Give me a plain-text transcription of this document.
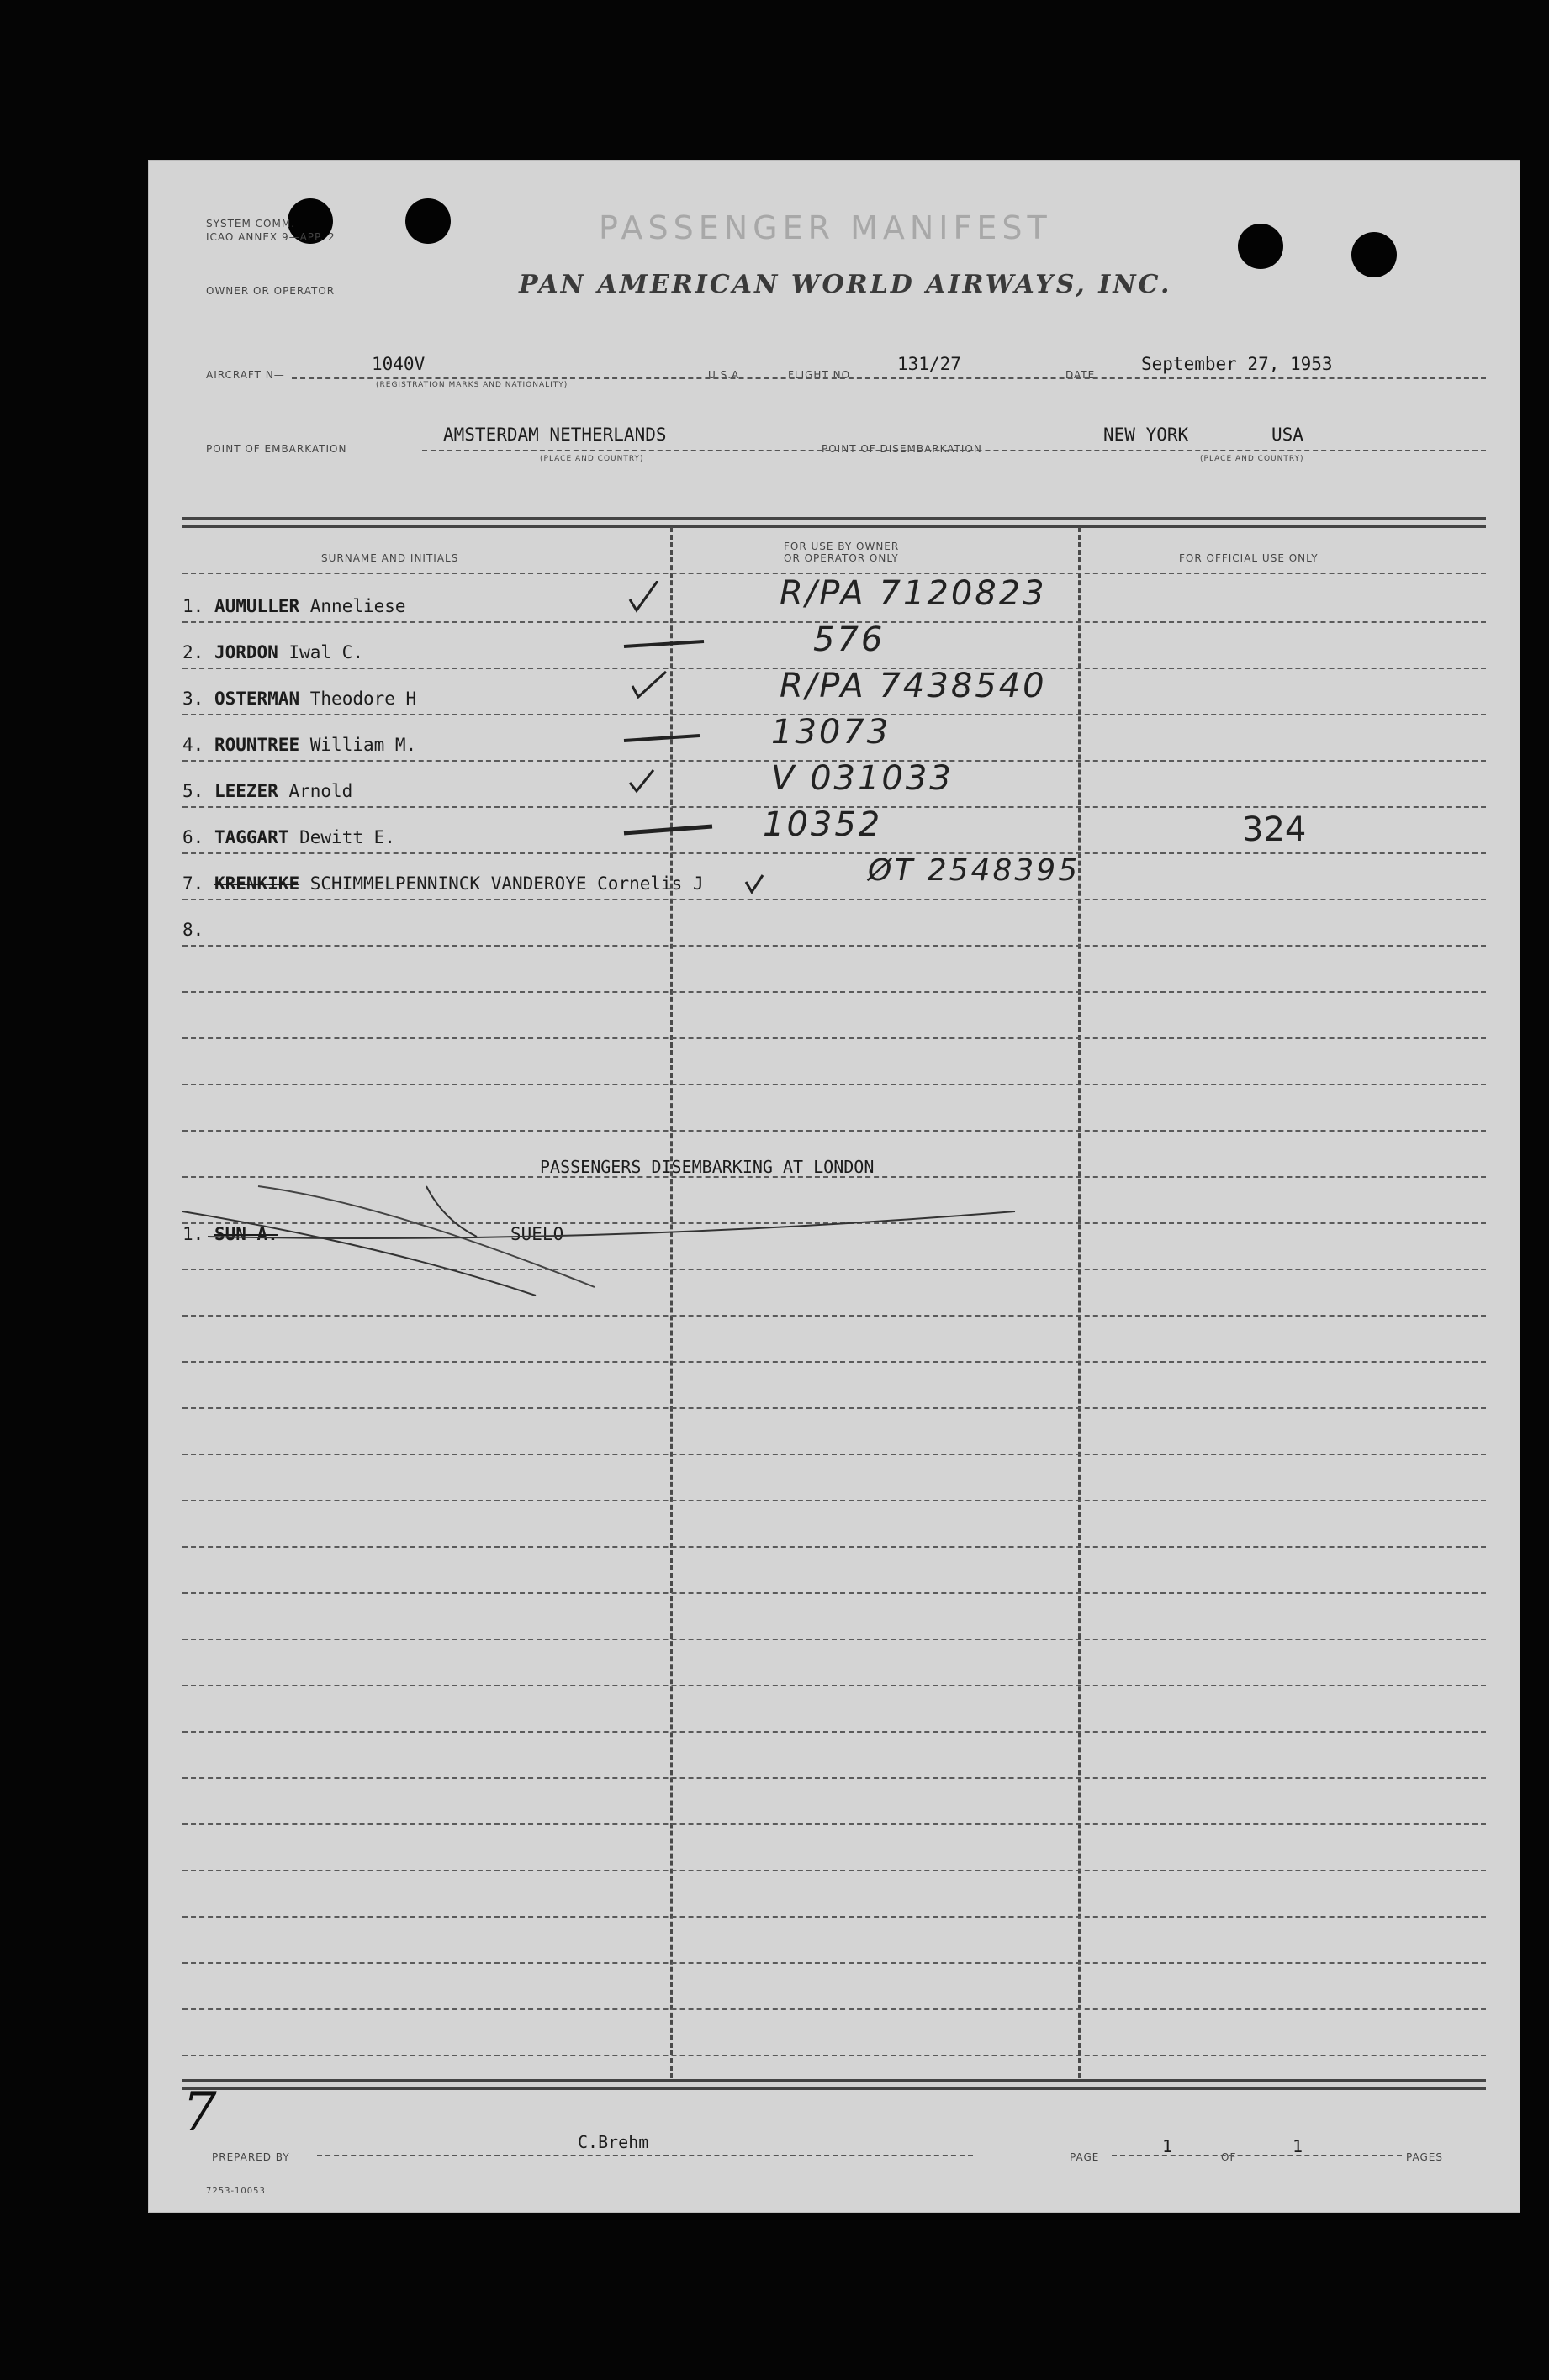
SYSTEM COMM.
ICAO ANNEX 9—APP. 2	PASSENGER MANIFEST
OWNER OR OPERATOR	PAN AMERICAN WORLD AIRWAYS, INC.
AIRCRAFT N—
1040V
(REGISTRATION MARKS AND NATIONALITY)
U.S.A.	FLIGHT NO.
131/27
DATE
September 27, 1953
POINT OF EMBARKATION
AMSTERDAM NETHERLANDS
(PLACE AND COUNTRY)
POINT OF DISEMBARKATION
NEW YORK	USA
(PLACE AND COUNTRY)
SURNAME AND INITIALS
FOR USE BY OWNER
OR OPERATOR ONLY	FOR OFFICIAL USE ONLY
1. AUMULLER Anneliese	R/PA 7120823
2. JORDON Iwal C.	576
3. OSTERMAN Theodore H	R/PA 7438540
4. ROUNTREE William M.	13073
5. LEEZER Arnold	V 031033
6. TAGGART Dewitt E.	10352	324
7. KRENKIKE SCHIMMELPENNINCK VANDEROYE Cornelis J	ØT 2548395
8.
PASSENGERS DISEMBARKING AT LONDON
1. SUN A.	SUELO
7
PREPARED BY
C.Brehm
PAGE
1
OF
1
PAGES
7253-10053
